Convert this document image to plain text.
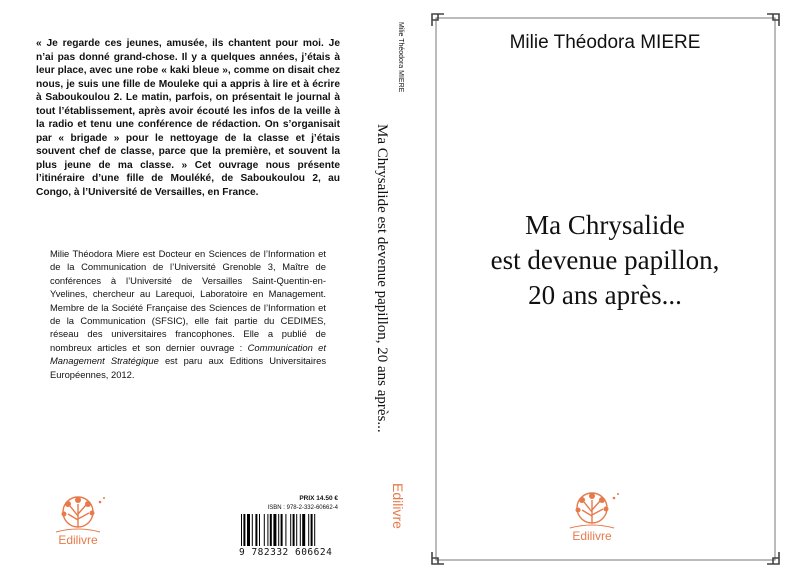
« Je regarde ces jeunes, amusée, ils chantent pour moi. Je n’ai pas donné grand-chose. Il y a quelques années, j’étais à leur place, avec une robe « kaki bleue », comme on disait chez nous, je suis une fille de Mouleke qui a appris à lire et à écrire à Saboukoulou 2. Le matin, parfois, on présentait le journal à tout l’établissement, après avoir écouté les infos de la veille à la radio et tenu une conférence de rédaction. On s’organisait par « brigade » pour le nettoyage de la classe et j’étais souvent chef de classe, parce que la première, et souvent la plus jeune de ma classe. » Cet ouvrage nous présente l’itinéraire d’une fille de Mouléké, de Saboukoulou 2, au Congo, à l’Université de Versailles, en France.
Milie Théodora Miere est Docteur en Sciences de l’Information et de la Communication de l’Université Grenoble 3, Maître de conférences à l’Université de Versailles Saint-Quentin-en-Yvelines, chercheur au Larequoi, Laboratoire en Management. Membre de la Société Française des Sciences de l’Information et de la Communication (SFSIC), elle fait partie du CEDIMES, réseau des universitaires francophones. Elle a publié de nombreux articles et son dernier ouvrage : Communication et Management Stratégique est paru aux Editions Universitaires Européennes, 2012.
Edilivre
PRIX 14.50 €
ISBN : 978-2-332-60662-4
9 782332 606624
Milie Théodora MIERE
Ma Chrysalide est devenue papillon, 20 ans après...
Edilivre
Milie Théodora MIERE
Ma Chrysalide
est devenue papillon,
20 ans après...
Edilivre
